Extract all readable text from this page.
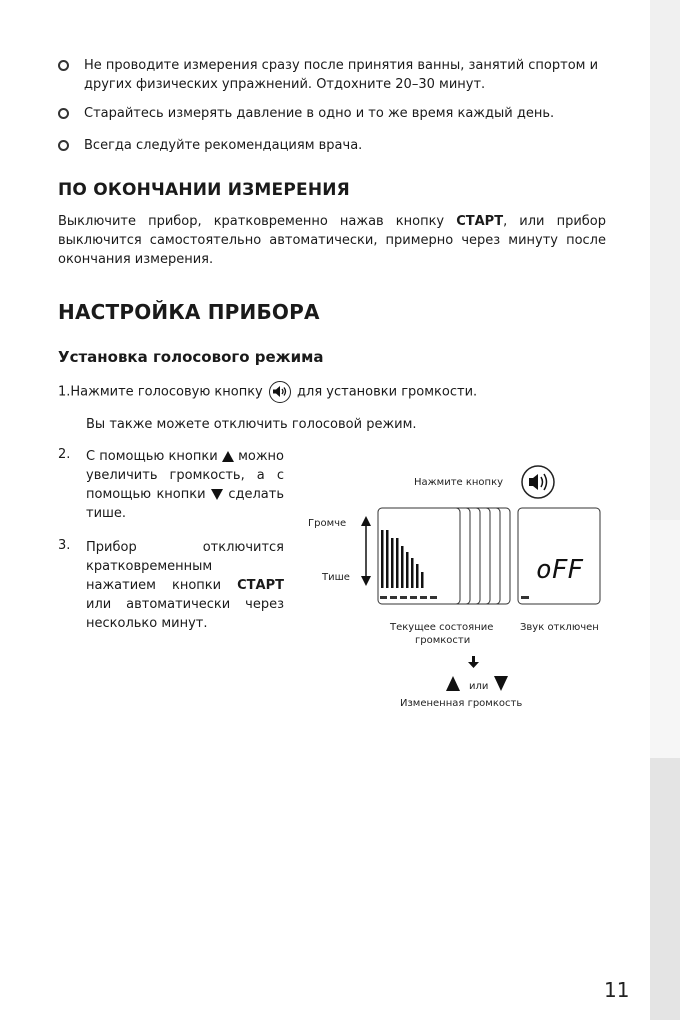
Не проводите измерения сразу после принятия ванны, занятий спортом и других физических упражнений. Отдохните 20–30 минут.
Старайтесь измерять давление в одно и то же время каждый день.
Всегда следуйте рекомендациям врача.
ПО ОКОНЧАНИИ ИЗМЕРЕНИЯ
Выключите прибор, кратковременно нажав кнопку СТАРТ, или прибор выключится самостоятельно автоматически, примерно через минуту после окончания измерения.
НАСТРОЙКА ПРИБОРА
Установка голосового режима
1.Нажмите голосовую кнопку	для установки громкости.
Вы также можете отключить голосовой режим.
2. С помощью кнопки можно увеличить громкость, а с помощью кнопки сделать тише.
3. Прибор отключится кратковременным нажатием кнопки СТАРТ или автоматически через несколько минут.
Нажмите кнопку
Громче
Тише	oFF
Текущее состояние
громкости
Звук отключен
или
Измененная громкость
11
